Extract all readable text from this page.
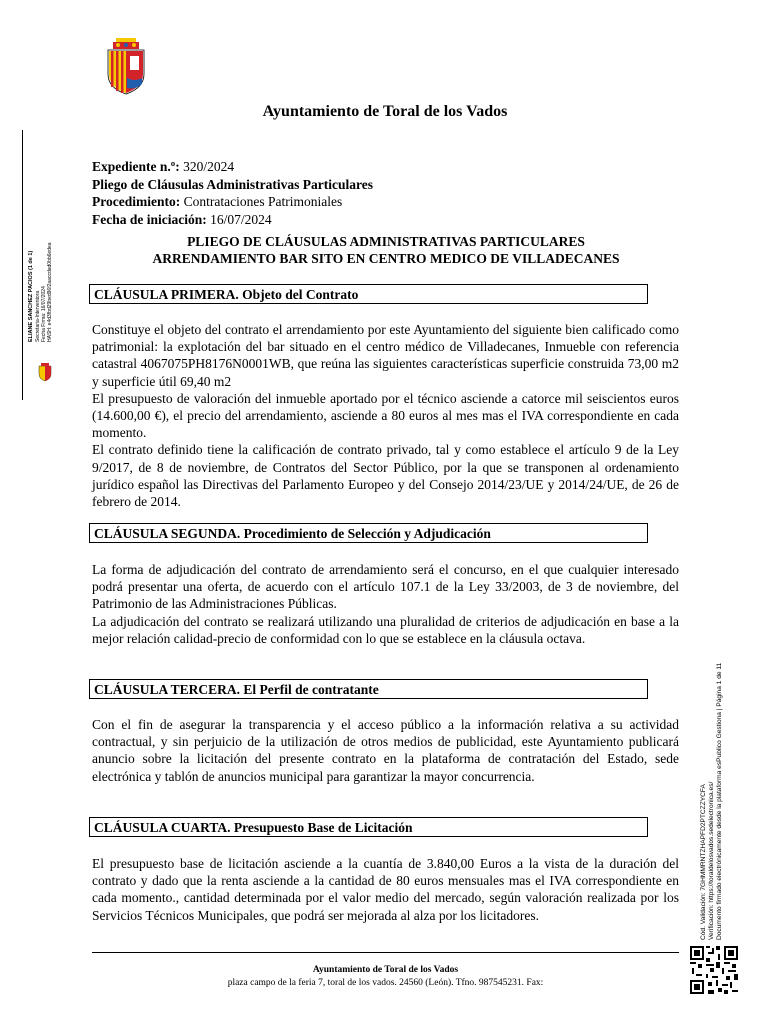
Ayuntamiento de Toral de los Vados
ELIANE SANCHEZ PACIOS (1 de 1) Secretaria-Interventora Fecha Firma: 16/07/2024 HASH: e4d3fbd29bed96f2aaccdad0bb6edea
Expediente n.º: 320/2024
Pliego de Cláusulas Administrativas Particulares
Procedimiento: Contrataciones Patrimoniales
Fecha de iniciación: 16/07/2024
PLIEGO DE CLÁUSULAS ADMINISTRATIVAS PARTICULARES
ARRENDAMIENTO BAR SITO EN CENTRO MEDICO DE VILLADECANES
CLÁUSULA PRIMERA. Objeto del Contrato

Constituye el objeto del contrato el arrendamiento por este Ayuntamiento del siguiente bien calificado como patrimonial: la explotación del bar situado en el centro médico de Villadecanes, Inmueble con referencia catastral 4067075PH8176N0001WB, que reúna las siguientes características superficie construida 73,00 m2 y superficie útil 69,40 m2

El presupuesto de valoración del inmueble aportado por el técnico asciende a catorce mil seiscientos euros (14.600,00 €), el precio del arrendamiento, asciende a 80 euros al mes mas el IVA correspondiente en cada momento.

El contrato definido tiene la calificación de contrato privado, tal y como establece el artículo 9 de la Ley 9/2017, de 8 de noviembre, de Contratos del Sector Público, por la que se transponen al ordenamiento jurídico español las Directivas del Parlamento Europeo y del Consejo 2014/23/UE y 2014/24/UE, de 26 de febrero de 2014.

CLÁUSULA SEGUNDA. Procedimiento de Selección y Adjudicación

La forma de adjudicación del contrato de arrendamiento será el concurso, en el que cualquier interesado podrá presentar una oferta, de acuerdo con el artículo 107.1 de la Ley 33/2003, de 3 de noviembre, del Patrimonio de las Administraciones Públicas.

La adjudicación del contrato se realizará utilizando una pluralidad de criterios de adjudicación en base a la mejor relación calidad-precio de conformidad con lo que se establece en la cláusula octava.

CLÁUSULA TERCERA. El Perfil de contratante

Con el fin de asegurar la transparencia y el acceso público a la información relativa a su actividad contractual, y sin perjuicio de la utilización de otros medios de publicidad, este Ayuntamiento publicará anuncio sobre la licitación del presente contrato en la plataforma de contratación del Estado, sede electrónica y tablón de anuncios municipal para garantizar la mayor concurrencia.

CLÁUSULA CUARTA. Presupuesto Base de Licitación

El presupuesto base de licitación asciende a la cuantía de 3.840,00 Euros a la vista de la duración del contrato y dado que la renta asciende a la cantidad de 80 euros mensuales mas el IVA correspondiente en cada momento., cantidad determinada por el valor medio del mercado, según valoración realizada por los Servicios Técnicos Municipales, que podrá ser mejorada al alza por los licitadores.

Ayuntamiento de Toral de los Vados
plaza campo de la feria 7, toral de los vados. 24560 (León). Tfno. 987545231. Fax:
Cód. Validación: 7GHMMRNTZHAPFD2PTCZZYCFA Verificación: https://toraldelosvados.sedelectronica.es/ Documento firmado electrónicamente desde la plataforma esPublico Gestiona | Página 1 de 11
